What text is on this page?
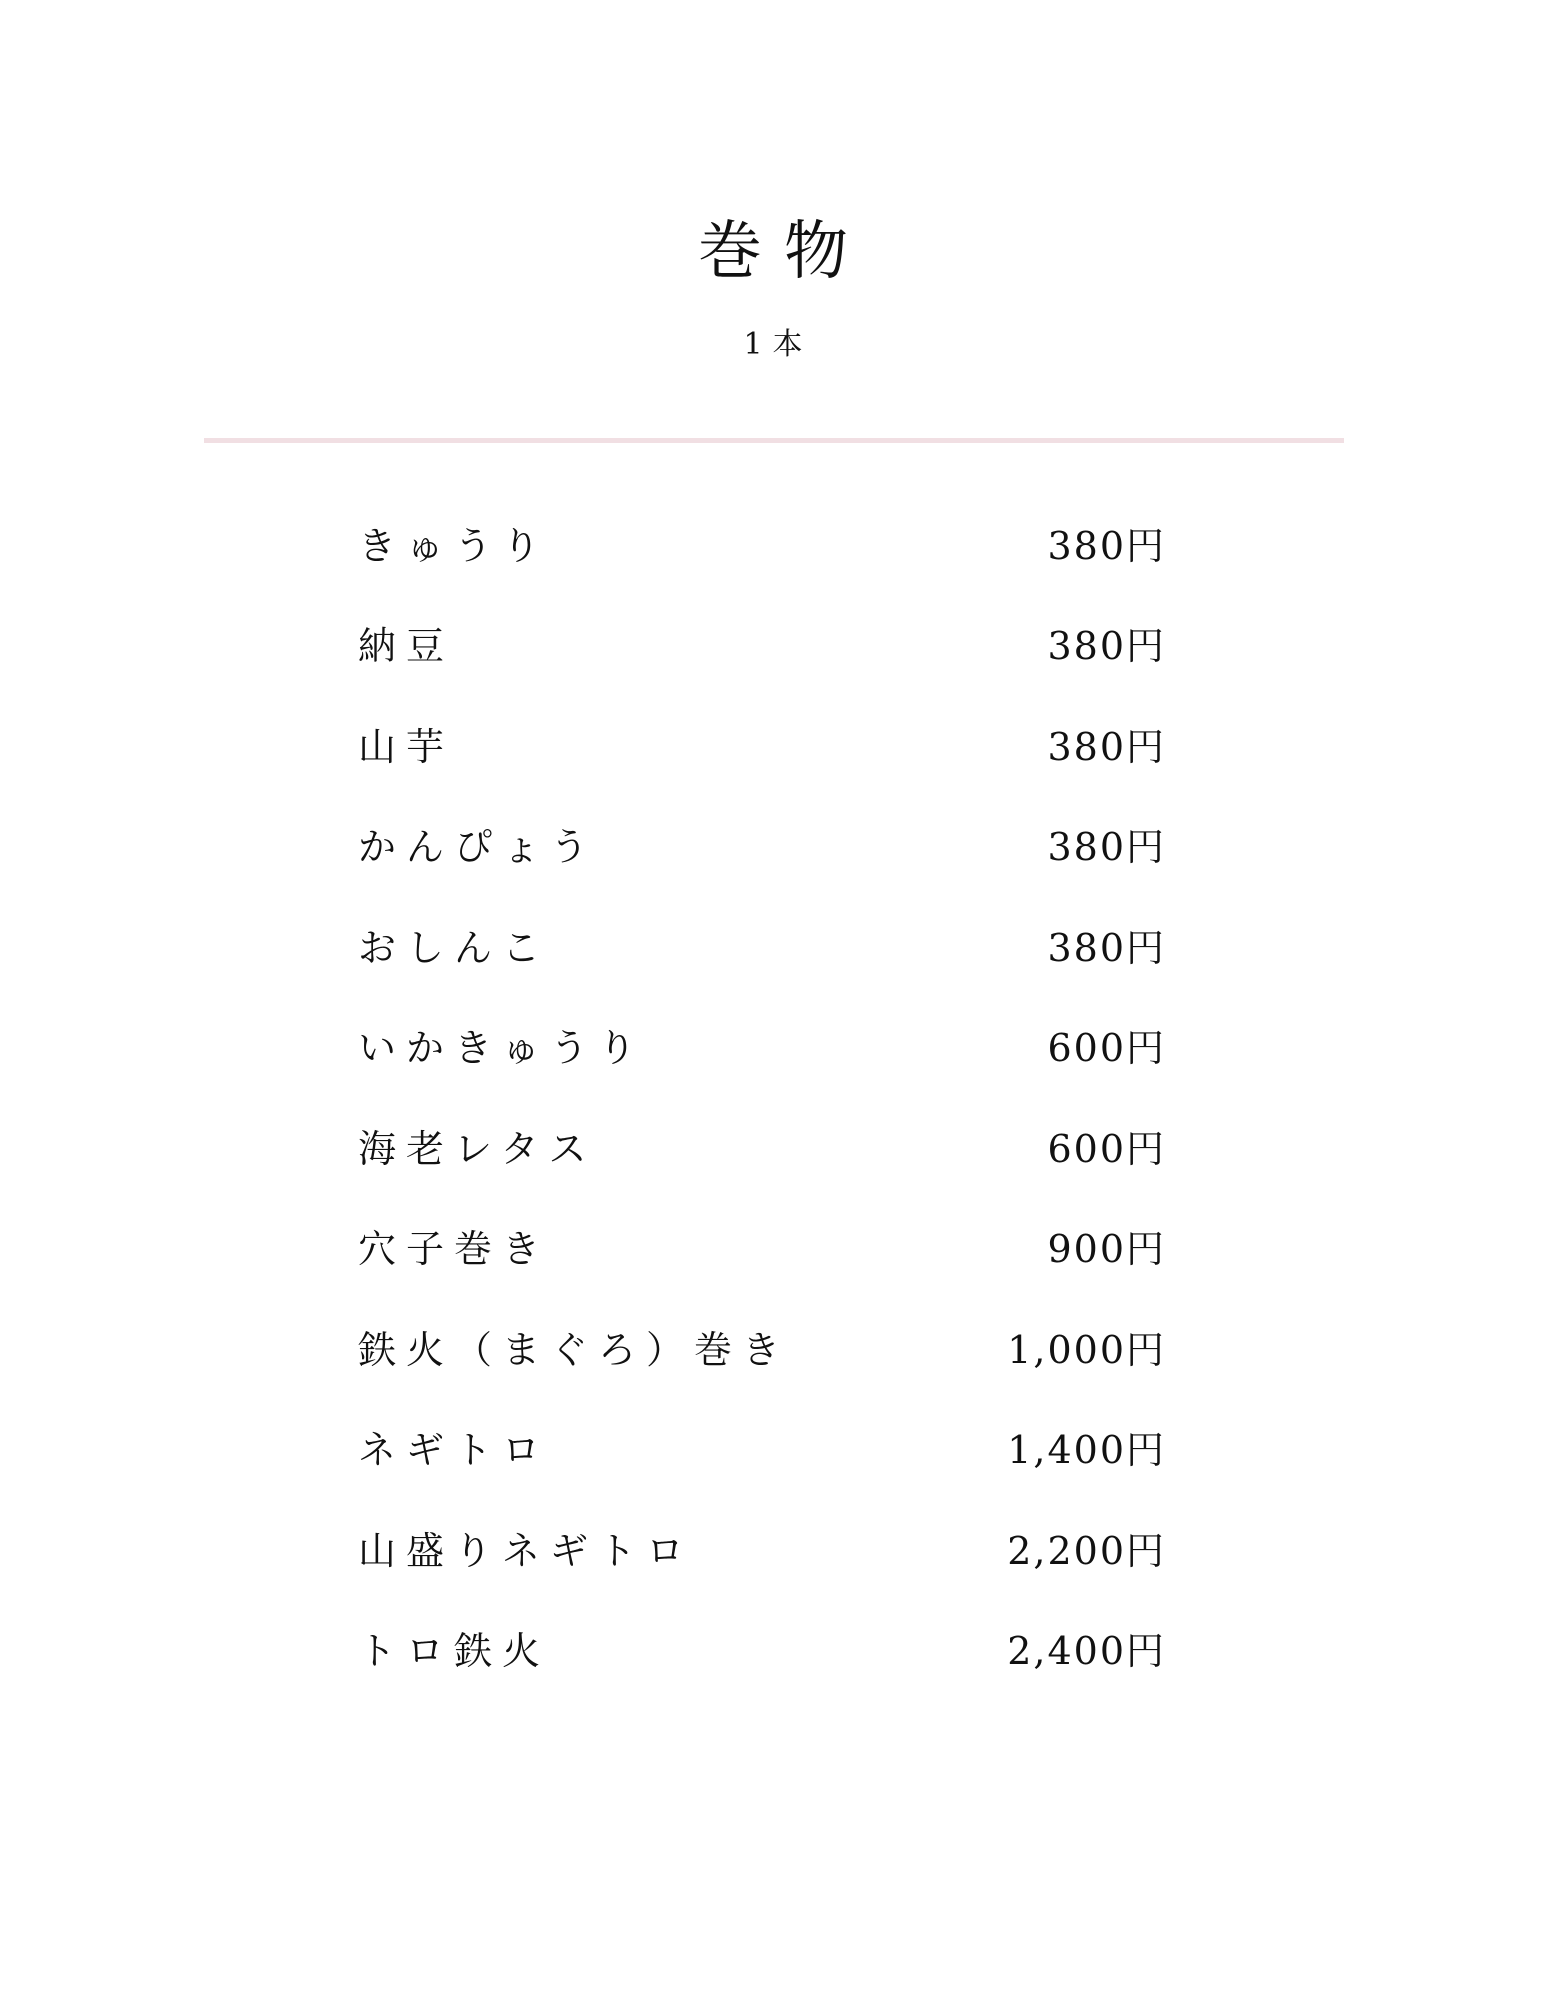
巻物
1本
きゅうり	380円
納豆	380円
山芋	380円
かんぴょう	380円
おしんこ	380円
いかきゅうり	600円
海老レタス	600円
穴子巻き	900円
鉄火（まぐろ）巻き	1,000円
ネギトロ	1,400円
山盛りネギトロ	2,200円
トロ鉄火	2,400円
